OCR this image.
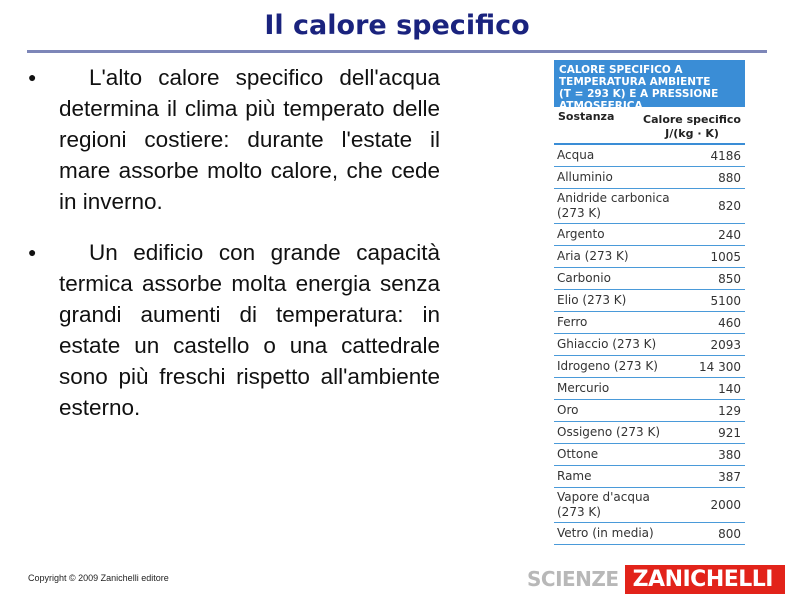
Il calore specifico
●	L'alto calore specifico dell'acqua determina il clima più temperato delle regioni costiere: durante l'estate il mare assorbe molto calore, che cede in inverno.
●	Un edificio con grande capacità termica assorbe molta energia senza grandi aumenti di temperatura: in estate un castello o una cattedrale sono più freschi rispetto all'ambiente esterno.
CALORE SPECIFICO A
TEMPERATURA AMBIENTE
(T = 293 K) E A PRESSIONE
ATMOSFERICA
Sostanza	Calore specifico
J/(kg · K)
Acqua	4186
Alluminio	880
Anidride carbonica (273 K)	820
Argento	240
Aria (273 K)	1005
Carbonio	850
Elio (273 K)	5100
Ferro	460
Ghiaccio (273 K)	2093
Idrogeno (273 K)	14 300
Mercurio	140
Oro	129
Ossigeno (273 K)	921
Ottone	380
Rame	387
Vapore d'acqua (273 K)	2000
Vetro (in media)	800
Copyright © 2009 Zanichelli editore	SCIENZE ZANICHELLI
